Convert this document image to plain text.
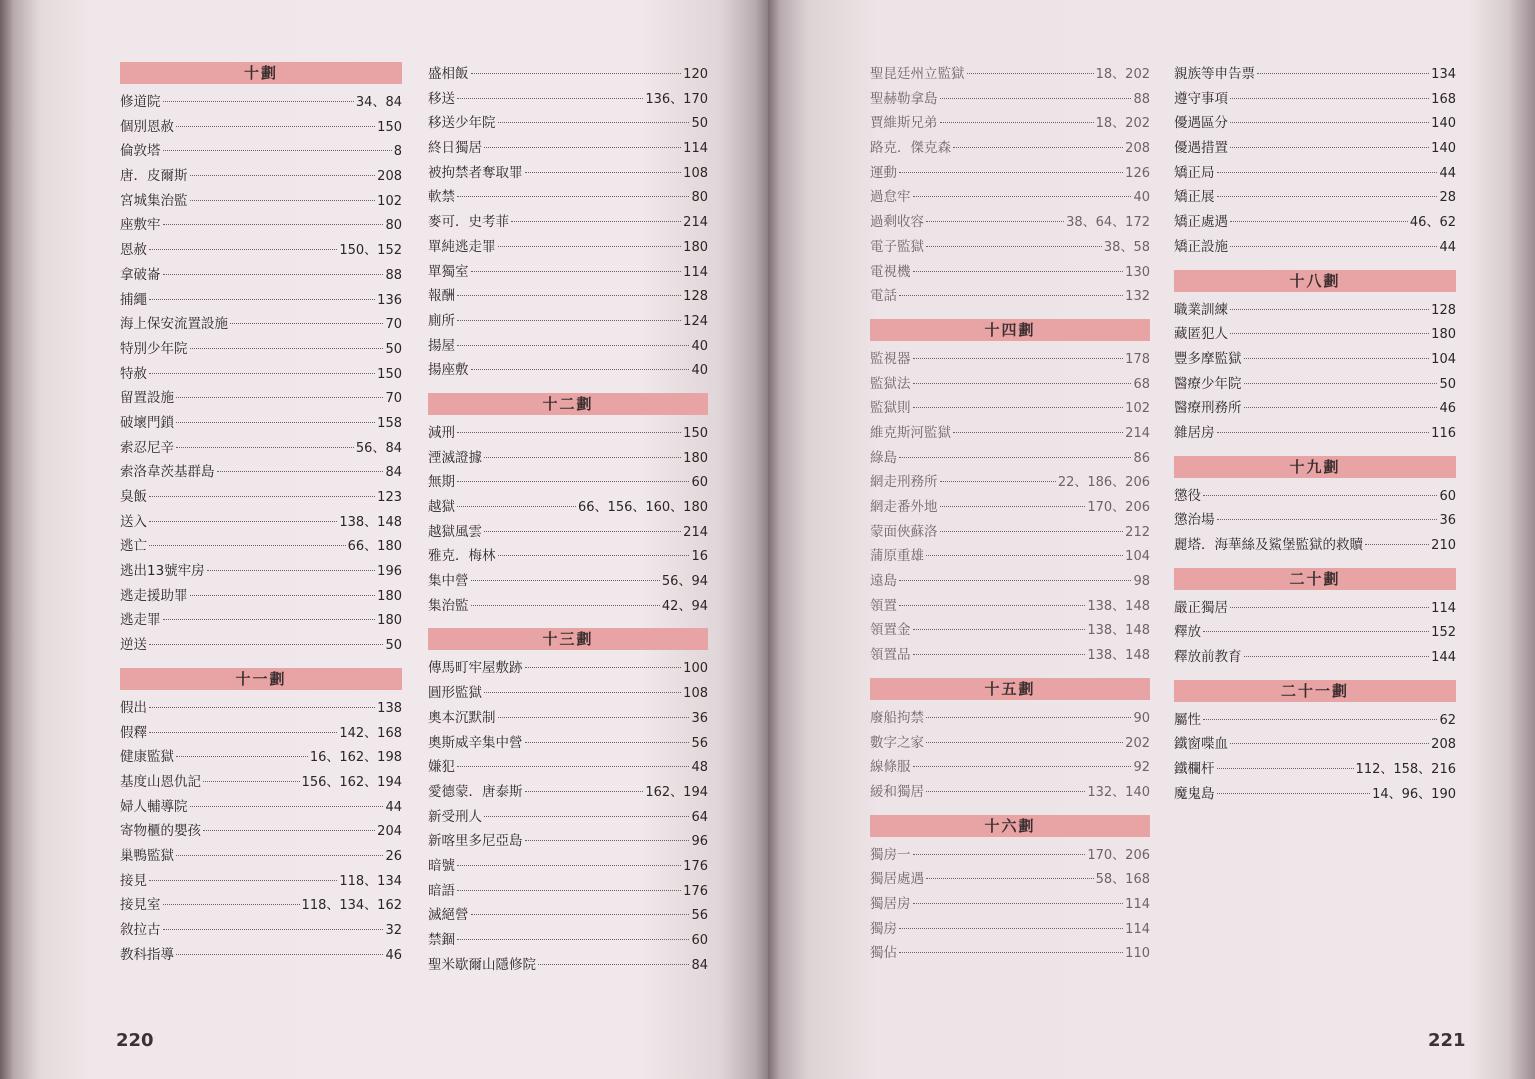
十劃
修道院	34、84
個別恩赦	150
倫敦塔	8
唐．皮爾斯	208
宮城集治監	102
座敷牢	80
恩赦	150、152
拿破崙	88
捕繩	136
海上保安流置設施	70
特別少年院	50
特赦	150
留置設施	70
破壞門鎖	158
索忍尼辛	56、84
索洛韋茨基群島	84
臭飯	123
送入	138、148
逃亡	66、180
逃出13號牢房	196
逃走援助罪	180
逃走罪	180
逆送	50
十一劃
假出	138
假釋	142、168
健康監獄	16、162、198
基度山恩仇記	156、162、194
婦人輔導院	44
寄物櫃的嬰孩	204
巢鴨監獄	26
接見	118、134
接見室	118、134、162
敘拉古	32
教科指導	46
盛相飯	120
移送	136、170
移送少年院	50
終日獨居	114
被拘禁者奪取罪	108
軟禁	80
麥可．史考菲	214
單純逃走罪	180
單獨室	114
報酬	128
廁所	124
揚屋	40
揚座敷	40
十二劃
減刑	150
湮滅證據	180
無期	60
越獄	66、156、160、180
越獄風雲	214
雅克．梅林	16
集中營	56、94
集治監	42、94
十三劃
傳馬町牢屋敷跡	100
圓形監獄	108
奧本沉默制	36
奧斯威辛集中營	56
嫌犯	48
愛德蒙．唐泰斯	162、194
新受刑人	64
新喀里多尼亞島	96
暗號	176
暗語	176
滅絕營	56
禁錮	60
聖米歇爾山隱修院	84
220
聖昆廷州立監獄	18、202
聖赫勒拿島	88
賈維斯兄弟	18、202
路克．傑克森	208
運動	126
過怠牢	40
過剩收容	38、64、172
電子監獄	38、58
電視機	130
電話	132
十四劃
監視器	178
監獄法	68
監獄則	102
維克斯河監獄	214
綠島	86
網走刑務所	22、186、206
網走番外地	170、206
蒙面俠蘇洛	212
蒲原重雄	104
遠島	98
領置	138、148
領置金	138、148
領置品	138、148
十五劃
廢船拘禁	90
數字之家	202
線條服	92
緩和獨居	132、140
十六劃
獨房一	170、206
獨居處遇	58、168
獨居房	114
獨房	114
獨佔	110
親族等申告票	134
遵守事項	168
優遇區分	140
優遇措置	140
矯正局	44
矯正展	28
矯正處遇	46、62
矯正設施	44
十八劃
職業訓練	128
藏匿犯人	180
豐多摩監獄	104
醫療少年院	50
醫療刑務所	46
雜居房	116
十九劃
懲役	60
懲治場	36
麗塔．海華絲及鯊堡監獄的救贖	210
二十劃
嚴正獨居	114
釋放	152
釋放前教育	144
二十一劃
屬性	62
鐵窗喋血	208
鐵欄杆	112、158、216
魔鬼島	14、96、190
221
